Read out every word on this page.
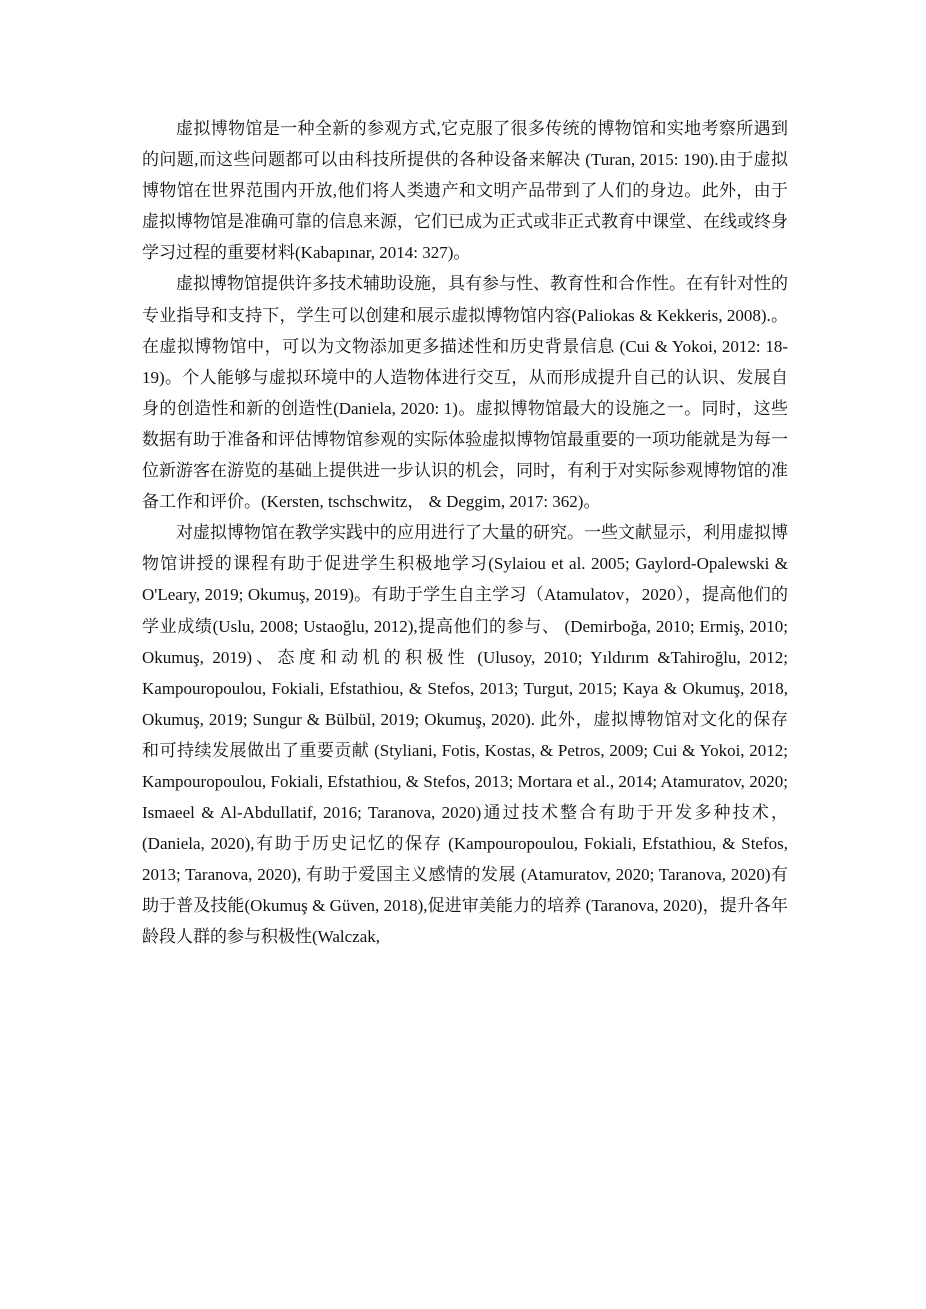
虚拟博物馆是一种全新的参观方式,它克服了很多传统的博物馆和实地考察所遇到的问题,而这些问题都可以由科技所提供的各种设备来解决 (Turan, 2015: 190).由于虚拟博物馆在世界范围内开放,他们将人类遗产和文明产品带到了人们的身边。此外，由于虚拟博物馆是准确可靠的信息来源，它们已成为正式或非正式教育中课堂、在线或终身学习过程的重要材料(Kabapınar, 2014: 327)。

虚拟博物馆提供许多技术辅助设施，具有参与性、教育性和合作性。在有针对性的专业指导和支持下，学生可以创建和展示虚拟博物馆内容(Paliokas & Kekkeris, 2008).。在虚拟博物馆中，可以为文物添加更多描述性和历史背景信息 (Cui & Yokoi, 2012: 18-19)。个人能够与虚拟环境中的人造物体进行交互，从而形成提升自己的认识、发展自身的创造性和新的创造性(Daniela, 2020: 1)。虚拟博物馆最大的设施之一。同时，这些数据有助于准备和评估博物馆参观的实际体验虚拟博物馆最重要的一项功能就是为每一位新游客在游览的基础上提供进一步认识的机会，同时，有利于对实际参观博物馆的准备工作和评价。(Kersten, tschschwitz， & Deggim, 2017: 362)。

对虚拟博物馆在教学实践中的应用进行了大量的研究。一些文献显示，利用虚拟博物馆讲授的课程有助于促进学生积极地学习(Sylaiou et al. 2005; Gaylord-Opalewski & O'Leary, 2019; Okumuş, 2019)。有助于学生自主学习（Atamulatov，2020），提高他们的学业成绩(Uslu, 2008; Ustaoğlu, 2012),提高他们的参与、 (Demirboğa, 2010; Ermiş, 2010; Okumuş, 2019)、态度和动机的积极性 (Ulusoy, 2010; Yıldırım &Tahiroğlu, 2012; Kampouropoulou, Fokiali, Efstathiou, & Stefos, 2013; Turgut, 2015; Kaya & Okumuş, 2018, Okumuş, 2019; Sungur & Bülbül, 2019; Okumuş, 2020). 此外，虚拟博物馆对文化的保存和可持续发展做出了重要贡献 (Styliani, Fotis, Kostas, & Petros, 2009; Cui & Yokoi, 2012; Kampouropoulou, Fokiali, Efstathiou, & Stefos, 2013; Mortara et al., 2014; Atamuratov, 2020; Ismaeel & Al-Abdullatif, 2016; Taranova, 2020)通过技术整合有助于开发多种技术，(Daniela, 2020),有助于历史记忆的保存 (Kampouropoulou, Fokiali, Efstathiou, & Stefos, 2013; Taranova, 2020), 有助于爱国主义感情的发展 (Atamuratov, 2020; Taranova, 2020)有助于普及技能(Okumuş & Güven, 2018),促进审美能力的培养 (Taranova, 2020)，提升各年龄段人群的参与积极性(Walczak,
